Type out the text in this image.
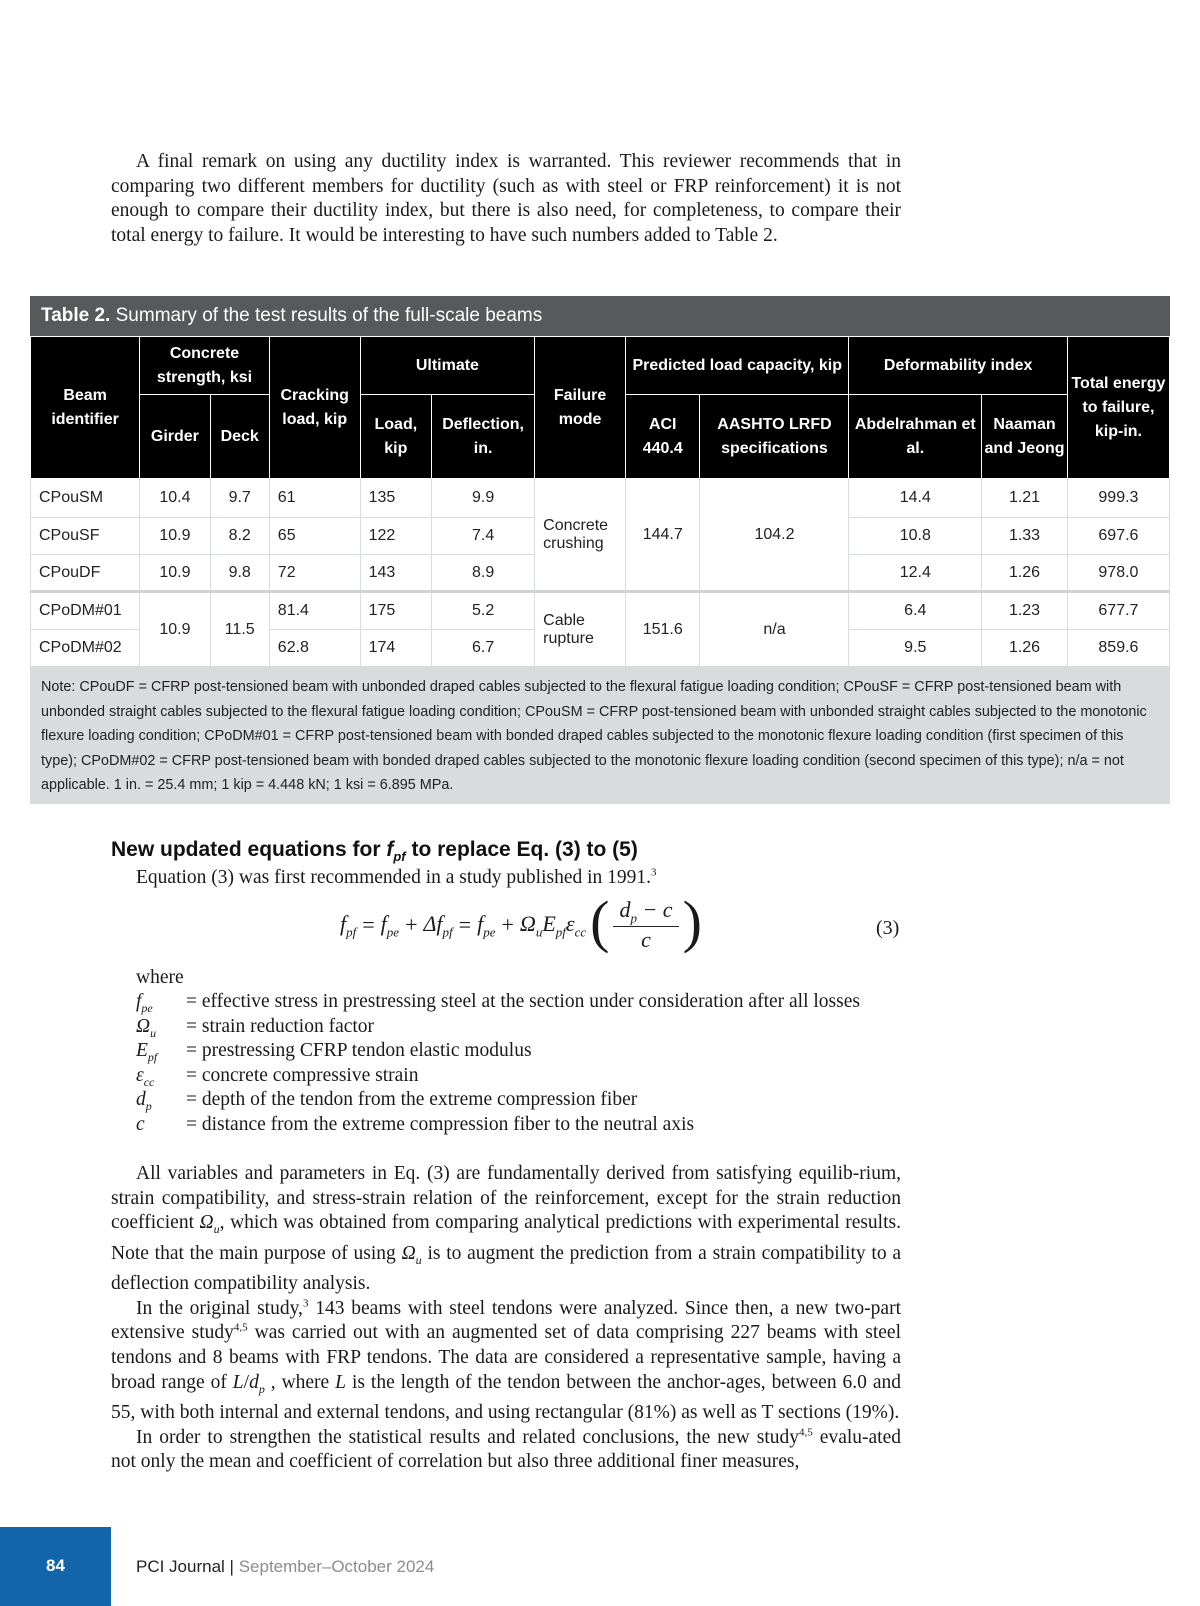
A final remark on using any ductility index is warranted. This reviewer recommends that in comparing two different members for ductility (such as with steel or FRP reinforcement) it is not enough to compare their ductility index, but there is also need, for completeness, to compare their total energy to failure. It would be interesting to have such numbers added to Table 2.

Table 2. Summary of the test results of the full-scale beams
Beam identifier	Concrete strength, ksi		Cracking load, kip	Ultimate		Failure mode	Predicted load capacity, kip		Deformability index		Total energy to failure, kip-in.
	Girder	Deck		Load, kip	Deflection, in.		ACI 440.4	AASHTO LRFD specifications	Abdelrahman et al.	Naaman and Jeong	
CPouSM	10.4	9.7	61	135	9.9	Concrete crushing	144.7	104.2	14.4	1.21	999.3
CPouSF	10.9	8.2	65	122	7.4				10.8	1.33	697.6
CPouDF	10.9	9.8	72	143	8.9				12.4	1.26	978.0
CPoDM#01	10.9	11.5	81.4	175	5.2	Cable rupture	151.6	n/a	6.4	1.23	677.7
CPoDM#02			62.8	174	6.7				9.5	1.26	859.6
Note: CPouDF = CFRP post-tensioned beam with unbonded draped cables subjected to the flexural fatigue loading condition; CPouSF = CFRP post-tensioned beam with unbonded straight cables subjected to the flexural fatigue loading condition; CPouSM = CFRP post-tensioned beam with unbonded straight cables subjected to the monotonic flexure loading condition; CPoDM#01 = CFRP post-tensioned beam with bonded draped cables subjected to the monotonic flexure loading condition (first specimen of this type); CPoDM#02 = CFRP post-tensioned beam with bonded draped cables subjected to the monotonic flexure loading condition (second specimen of this type); n/a = not applicable. 1 in. = 25.4 mm; 1 kip = 4.448 kN; 1 ksi = 6.895 MPa.
New updated equations for $f_{pf}$ to replace Eq. (3) to (5)

Equation (3) was first recommended in a study published in 1991.$^3$

$f_{pf} = f_{pe} + \Delta f_{pf} = f_{pe} + \Omega_uE_{pf}\varepsilon_{cc}$ ( $\frac{d_p - c}{c}$ )	(3)
where
$f_{pe}$	= effective stress in prestressing steel at the section under consideration after all losses
$\Omega_u$	= strain reduction factor
$E_{pf}$	= prestressing CFRP tendon elastic modulus
$\varepsilon_{cc}$	= concrete compressive strain
$d_p$	= depth of the tendon from the extreme compression fiber
c	= distance from the extreme compression fiber to the neutral axis

All variables and parameters in Eq. (3) are fundamentally derived from satisfying equilib-rium, strain compatibility, and stress-strain relation of the reinforcement, except for the strain reduction coefficient $\Omega_u$, which was obtained from comparing analytical predictions with experimental results. Note that the main purpose of using $\Omega_u$ is to augment the prediction from a strain compatibility to a deflection compatibility analysis.

In the original study,$^3$ 143 beams with steel tendons were analyzed. Since then, a new two-part extensive study$^{4,5}$ was carried out with an augmented set of data comprising 227 beams with steel tendons and 8 beams with FRP tendons. The data are considered a representative sample, having a broad range of $L/d_p$ , where L is the length of the tendon between the anchor-ages, between 6.0 and 55, with both internal and external tendons, and using rectangular (81%) as well as T sections (19%).

In order to strengthen the statistical results and related conclusions, the new study$^{4,5}$ evalu-ated not only the mean and coefficient of correlation but also three additional finer measures,

84	PCI Journal | September–October 2024
